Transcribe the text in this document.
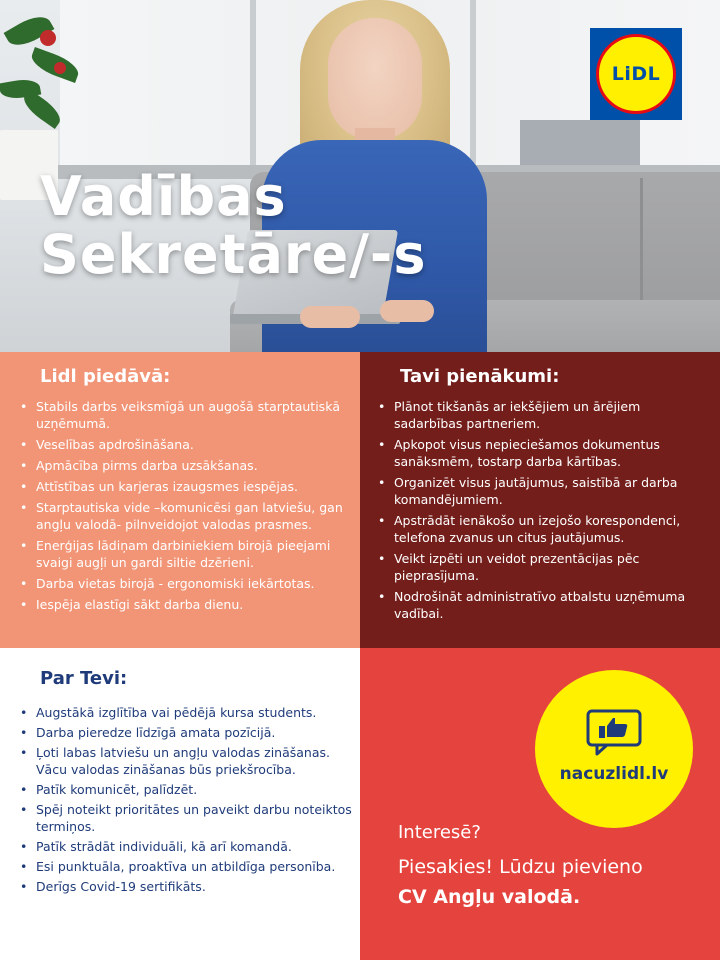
Vadības
Sekretāre/-s
LiDL
Lidl piedāvā:
• Stabils darbs veiksmīgā un augošā starptautiskā uzņēmumā.
• Veselības apdrošināšana.
• Apmācība pirms darba uzsākšanas.
• Attīstības un karjeras izaugsmes iespējas.
• Starptautiska vide –komunicēsi gan latviešu, gan angļu valodā- pilnveidojot valodas prasmes.
• Enerģijas lādiņam darbiniekiem birojā pieejami svaigi augļi un gardi siltie dzērieni.
• Darba vietas birojā - ergonomiski iekārtotas.
• Iespēja elastīgi sākt darba dienu.
Tavi pienākumi:
• Plānot tikšanās ar iekšējiem un ārējiem sadarbības partneriem.
• Apkopot visus nepieciešamos dokumentus sanāksmēm, tostarp darba kārtības.
• Organizēt visus jautājumus, saistībā ar darba komandējumiem.
• Apstrādāt ienākošo un izejošo korespondenci, telefona zvanus un citus jautājumus.
• Veikt izpēti un veidot prezentācijas pēc pieprasījuma.
• Nodrošināt administratīvo atbalstu uzņēmuma vadībai.
Par Tevi:
• Augstākā izglītība vai pēdējā kursa students.
• Darba pieredze līdzīgā amata pozīcijā.
• Ļoti labas latviešu un angļu valodas zināšanas. Vācu valodas zināšanas būs priekšrocība.
• Patīk komunicēt, palīdzēt.
• Spēj noteikt prioritātes un paveikt darbu noteiktos termiņos.
• Patīk strādāt individuāli, kā arī komandā.
• Esi punktuāla, proaktīva un atbildīga personība.
• Derīgs Covid-19 sertifikāts.
nacuzlidl.lv
Interesē?
Piesakies! Lūdzu pievieno
CV Angļu valodā.
